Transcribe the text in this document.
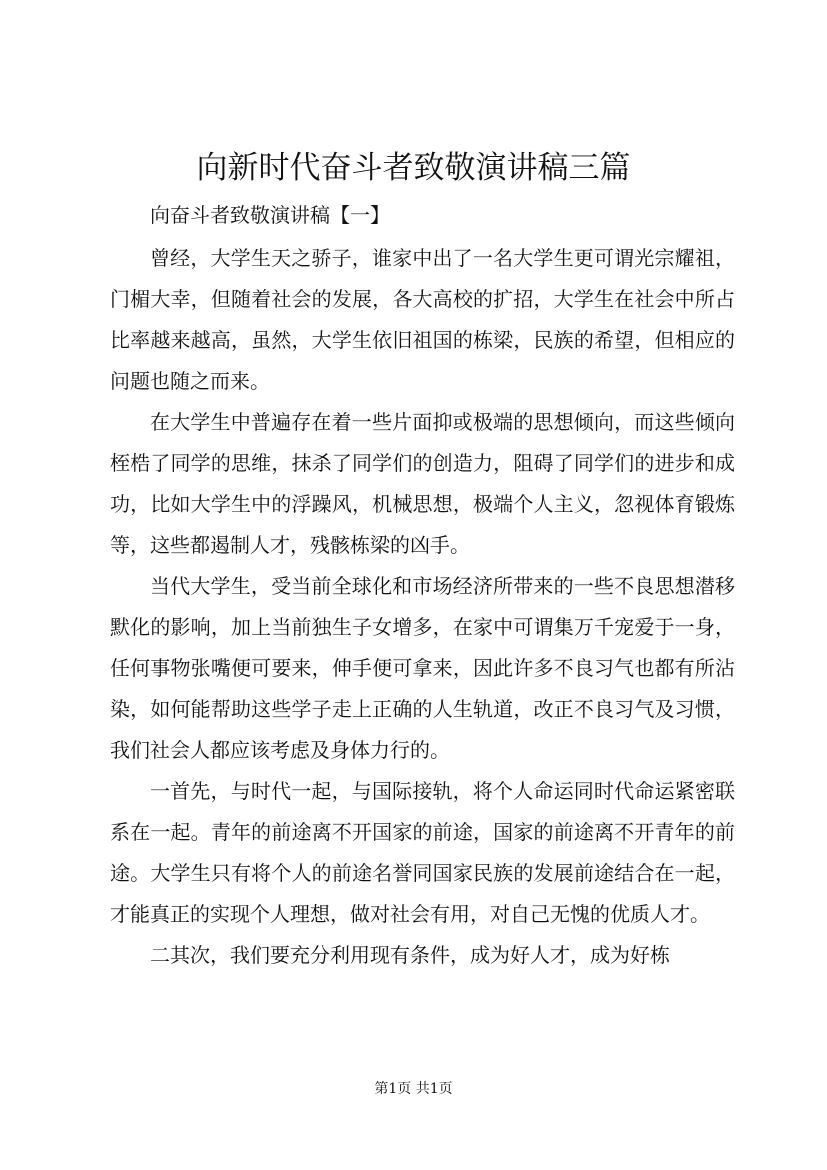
向新时代奋斗者致敬演讲稿三篇

向奋斗者致敬演讲稿【一】

曾经，大学生天之骄子，谁家中出了一名大学生更可谓光宗耀祖，门楣大幸，但随着社会的发展，各大高校的扩招，大学生在社会中所占比率越来越高，虽然，大学生依旧祖国的栋梁，民族的希望，但相应的问题也随之而来。

在大学生中普遍存在着一些片面抑或极端的思想倾向，而这些倾向桎梏了同学的思维，抹杀了同学们的创造力，阻碍了同学们的进步和成功，比如大学生中的浮躁风，机械思想，极端个人主义，忽视体育锻炼等，这些都遏制人才，残骸栋梁的凶手。

当代大学生，受当前全球化和市场经济所带来的一些不良思想潜移默化的影响，加上当前独生子女增多，在家中可谓集万千宠爱于一身，任何事物张嘴便可要来，伸手便可拿来，因此许多不良习气也都有所沾染，如何能帮助这些学子走上正确的人生轨道，改正不良习气及习惯，我们社会人都应该考虑及身体力行的。

一首先，与时代一起，与国际接轨，将个人命运同时代命运紧密联系在一起。青年的前途离不开国家的前途，国家的前途离不开青年的前途。大学生只有将个人的前途名誉同国家民族的发展前途结合在一起，才能真正的实现个人理想，做对社会有用，对自己无愧的优质人才。

二其次，我们要充分利用现有条件，成为好人才，成为好栋

第1页 共1页
